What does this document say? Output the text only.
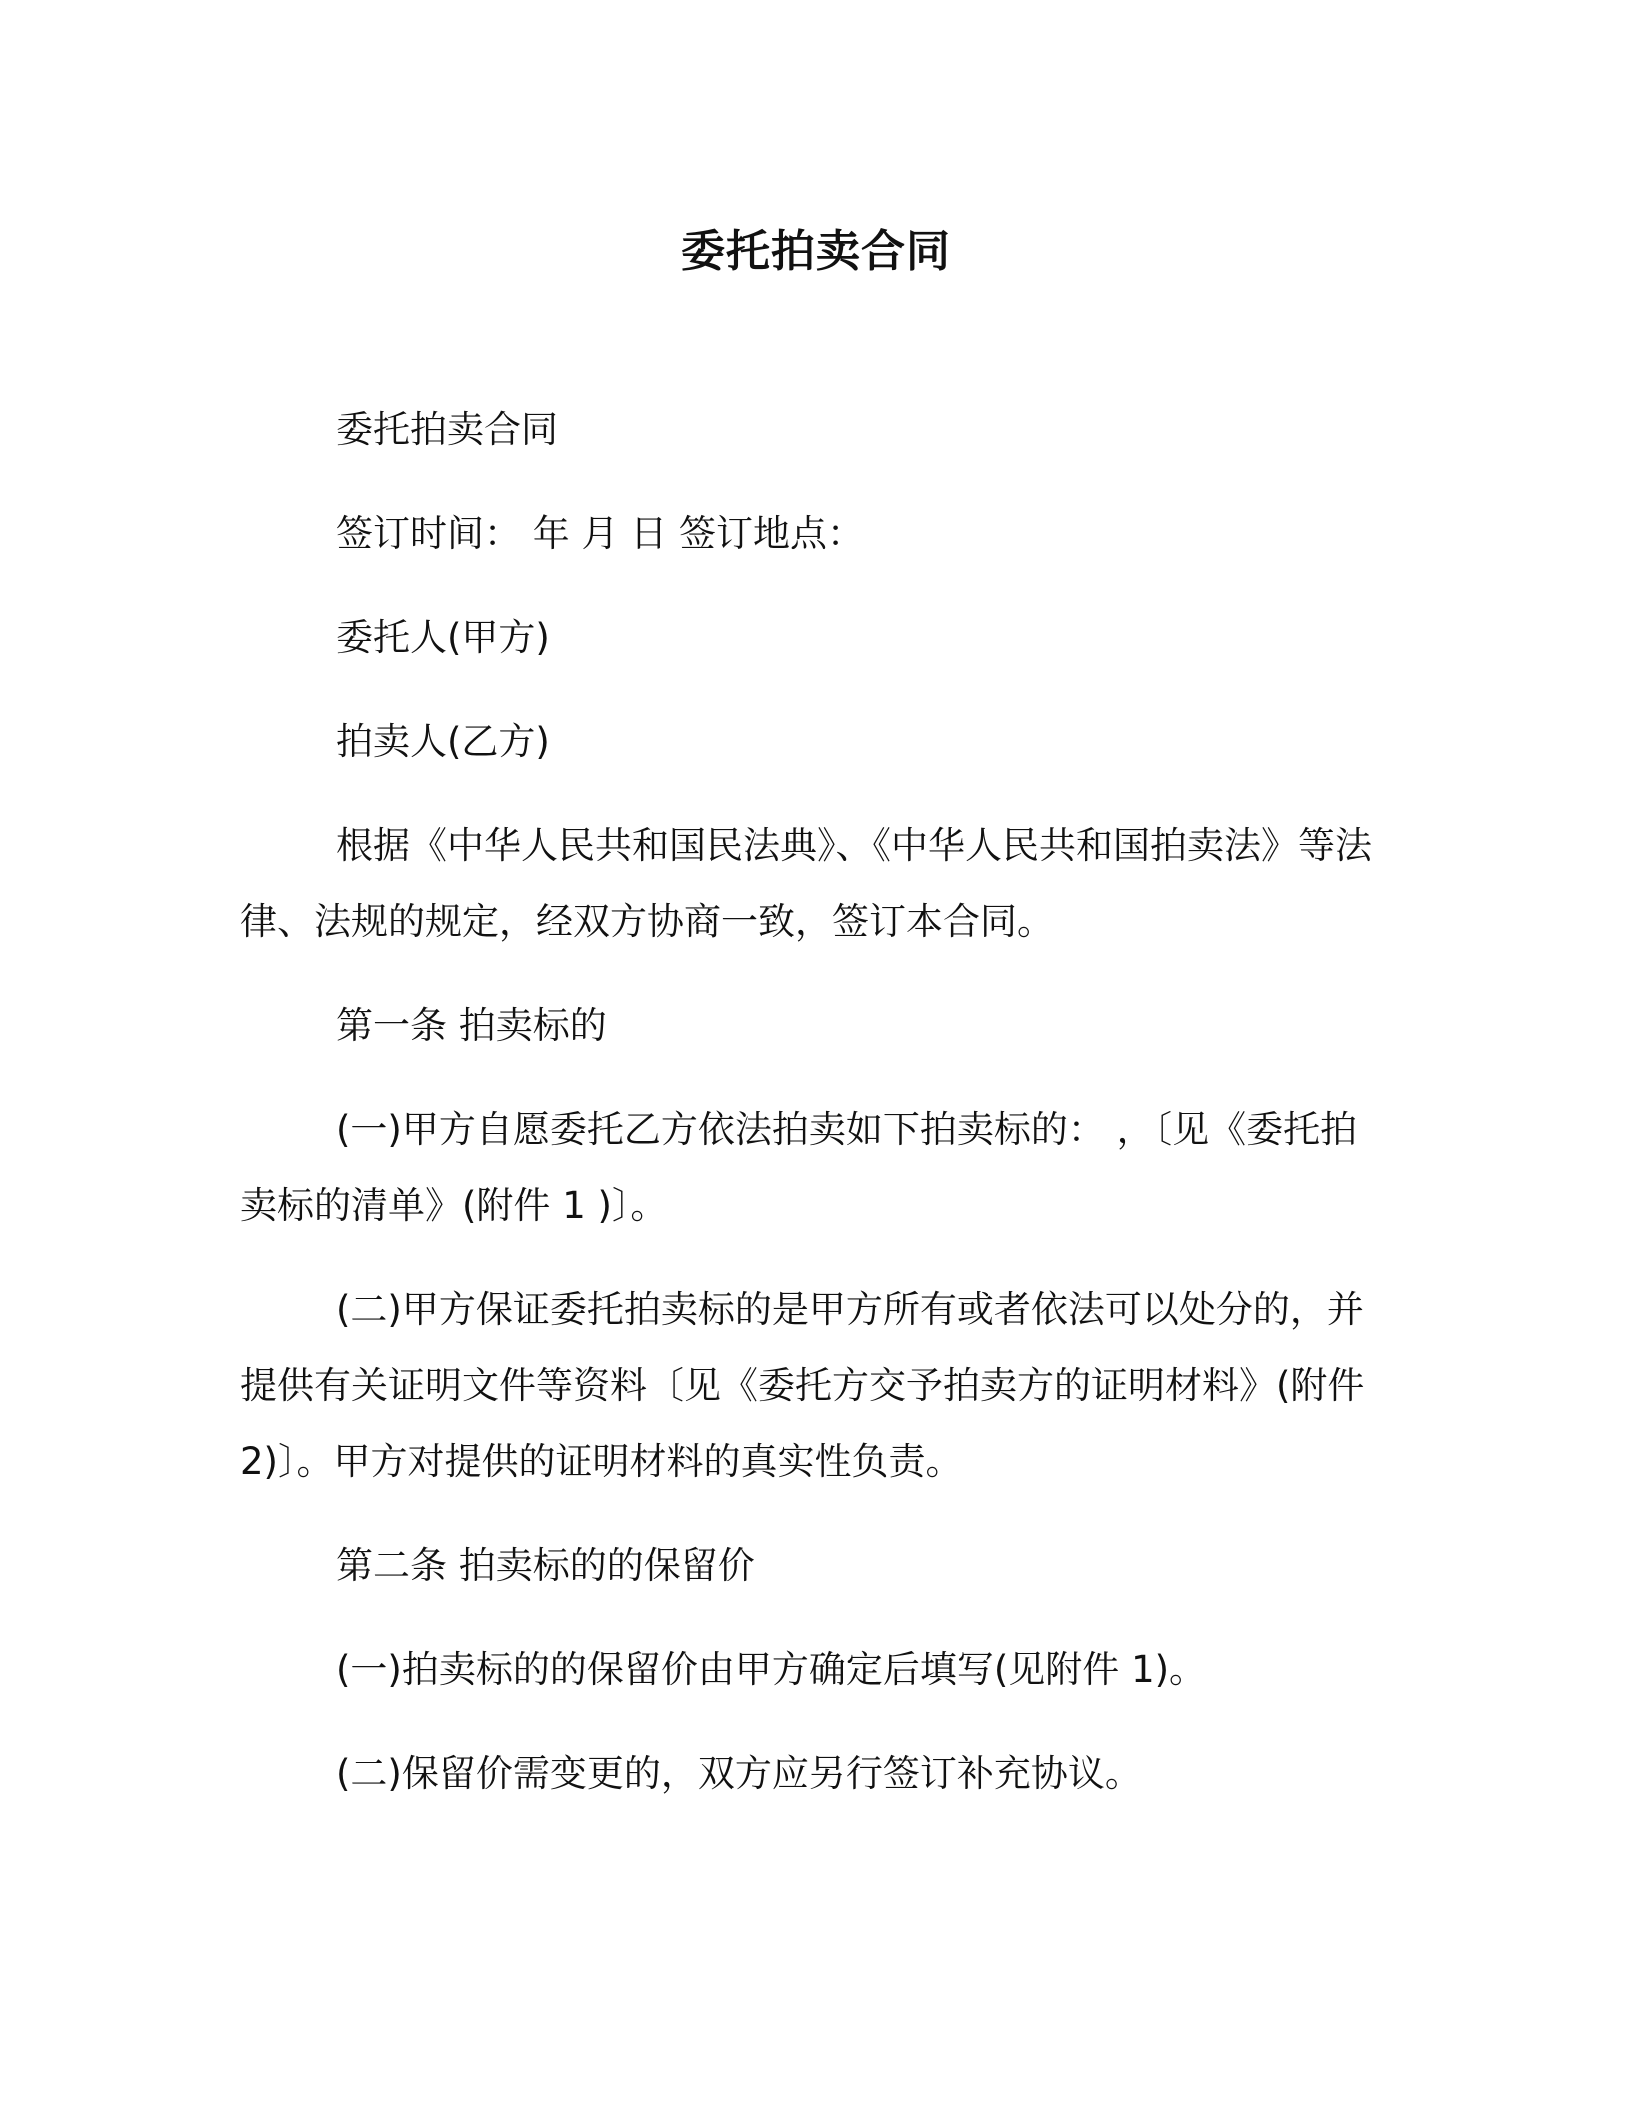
委托拍卖合同

委托拍卖合同

签订时间： 年 月 日 签订地点：

委托人(甲方)

拍卖人(乙方)

根据《中华人民共和国民法典》、《中华人民共和国拍卖法》等法律、法规的规定，经双方协商一致，签订本合同。

第一条 拍卖标的

(一)甲方自愿委托乙方依法拍卖如下拍卖标的： ，〔见《委托拍卖标的清单》(附件 1 )〕。

(二)甲方保证委托拍卖标的是甲方所有或者依法可以处分的，并提供有关证明文件等资料〔见《委托方交予拍卖方的证明材料》(附件 2)〕。甲方对提供的证明材料的真实性负责。

第二条 拍卖标的的保留价

(一)拍卖标的的保留价由甲方确定后填写(见附件 1)。

(二)保留价需变更的，双方应另行签订补充协议。
